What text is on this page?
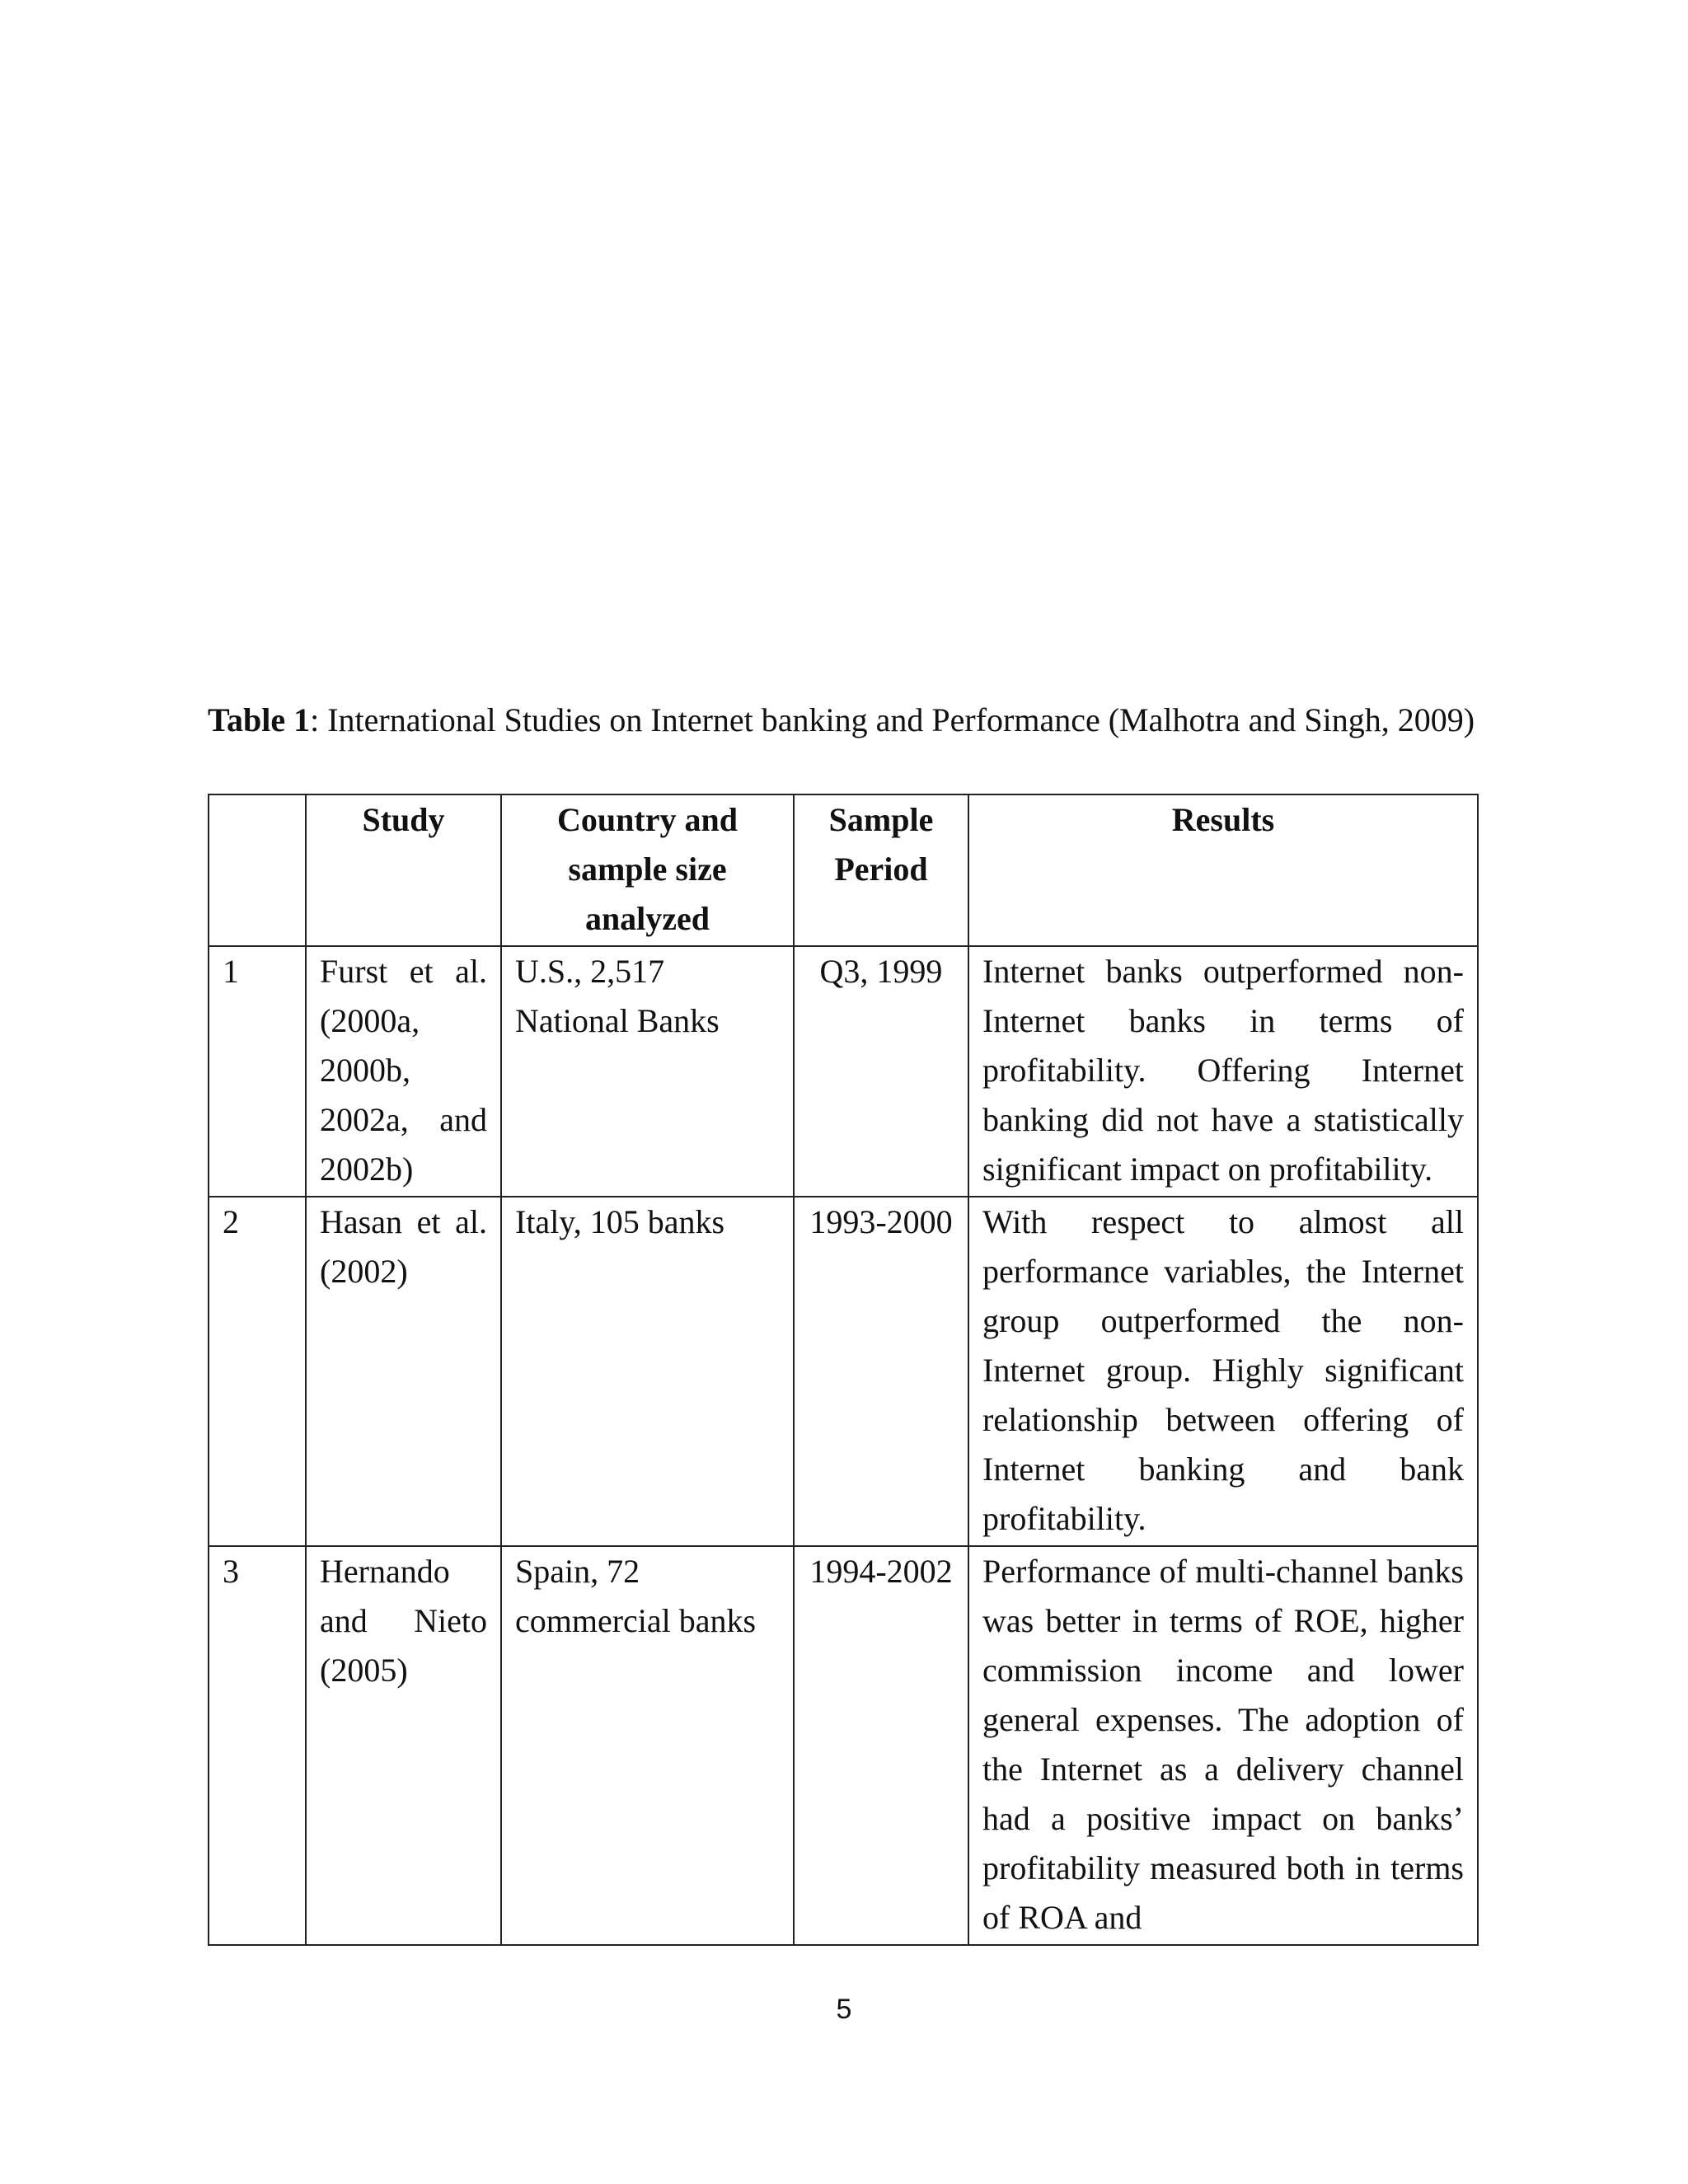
Table 1: International Studies on Internet banking and Performance (Malhotra and Singh, 2009)
	Study	Country and sample size analyzed	Sample Period	Results
1	Furst et al. (2000a, 2000b, 2002a, and 2002b)	U.S., 2,517 National Banks	Q3, 1999	Internet banks outperformed non-Internet banks in terms of profitability. Offering Internet banking did not have a statistically significant impact on profitability.
2	Hasan et al. (2002)	Italy, 105 banks	1993-2000	With respect to almost all performance variables, the Internet group outperformed the non-Internet group. Highly significant relationship between offering of Internet banking and bank profitability.
3	Hernando and Nieto (2005)	Spain, 72 commercial banks	1994-2002	Performance of multi-channel banks was better in terms of ROE, higher commission income and lower general expenses. The adoption of the Internet as a delivery channel had a positive impact on banks’ profitability measured both in terms of ROA and
5
